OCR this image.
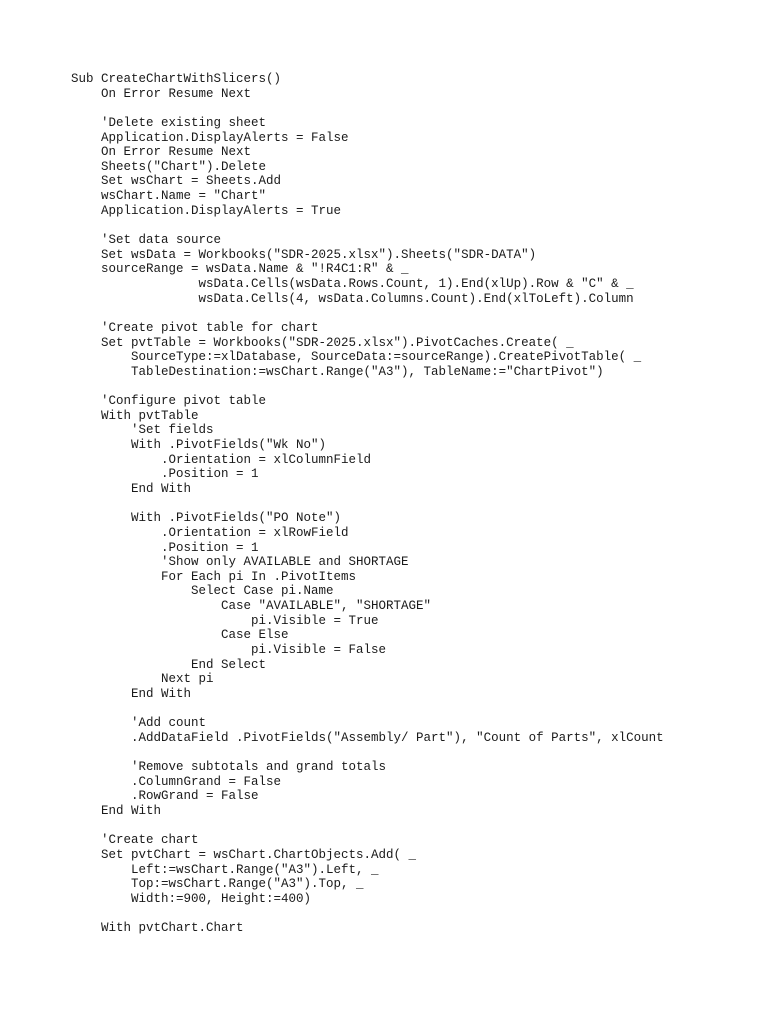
Sub CreateChartWithSlicers()
On Error Resume Next
'Delete existing sheet
Application.DisplayAlerts = False
On Error Resume Next
Sheets("Chart").Delete
Set wsChart = Sheets.Add
wsChart.Name = "Chart"
Application.DisplayAlerts = True
'Set data source
Set wsData = Workbooks("SDR-2025.xlsx").Sheets("SDR-DATA")
sourceRange = wsData.Name & "!R4C1:R" & _
wsData.Cells(wsData.Rows.Count, 1).End(xlUp).Row & "C" & _
wsData.Cells(4, wsData.Columns.Count).End(xlToLeft).Column
'Create pivot table for chart
Set pvtTable = Workbooks("SDR-2025.xlsx").PivotCaches.Create( _
SourceType:=xlDatabase, SourceData:=sourceRange).CreatePivotTable( _
TableDestination:=wsChart.Range("A3"), TableName:="ChartPivot")
'Configure pivot table
With pvtTable
'Set fields
With .PivotFields("Wk No")
.Orientation = xlColumnField
.Position = 1
End With
With .PivotFields("PO Note")
.Orientation = xlRowField
.Position = 1
'Show only AVAILABLE and SHORTAGE
For Each pi In .PivotItems
Select Case pi.Name
Case "AVAILABLE", "SHORTAGE"
pi.Visible = True
Case Else
pi.Visible = False
End Select
Next pi
End With
'Add count
.AddDataField .PivotFields("Assembly/ Part"), "Count of Parts", xlCount
'Remove subtotals and grand totals
.ColumnGrand = False
.RowGrand = False
End With
'Create chart
Set pvtChart = wsChart.ChartObjects.Add( _
Left:=wsChart.Range("A3").Left, _
Top:=wsChart.Range("A3").Top, _
Width:=900, Height:=400)
With pvtChart.Chart
